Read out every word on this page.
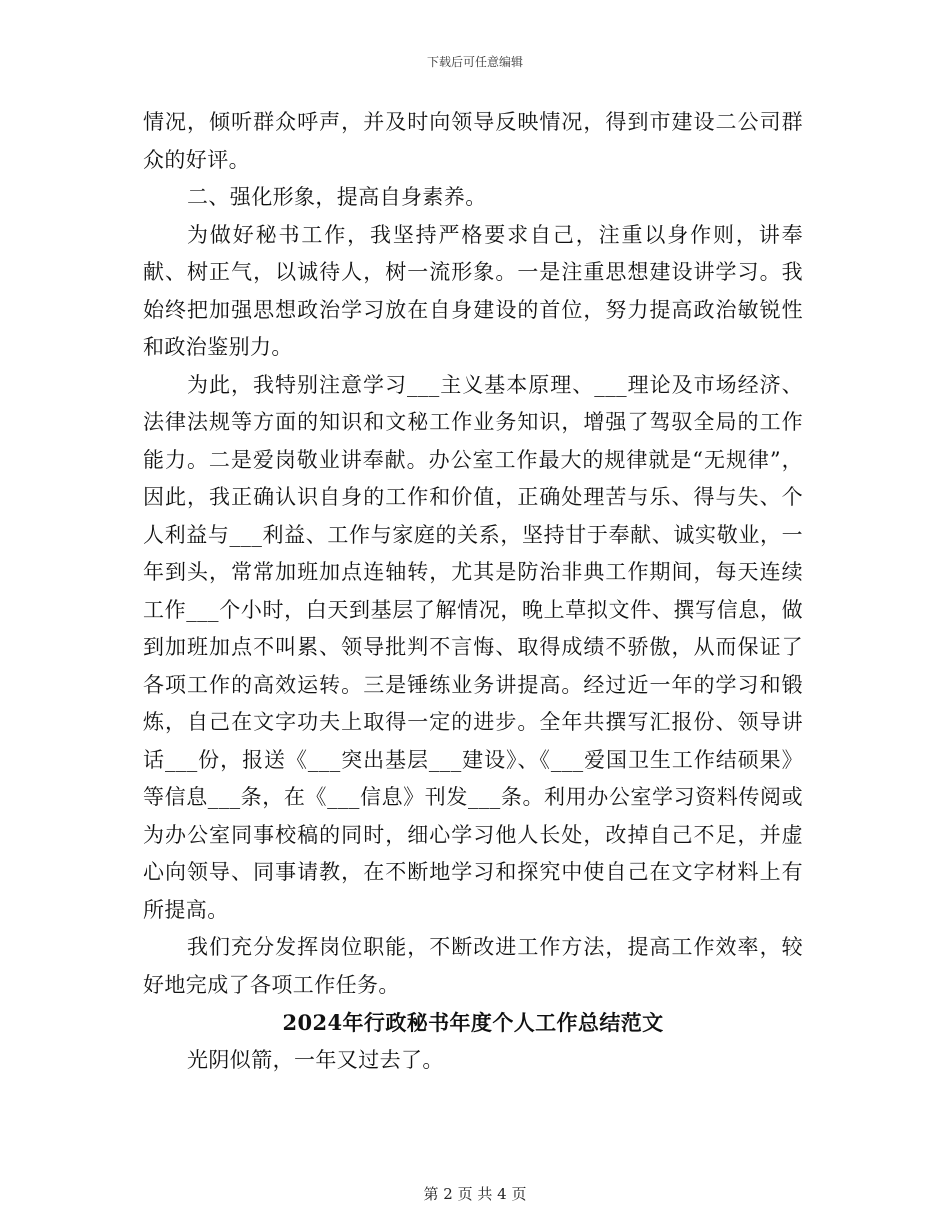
下载后可任意编辑

情况，倾听群众呼声，并及时向领导反映情况，得到市建设二公司群众的好评。

二、强化形象，提高自身素养。

为做好秘书工作，我坚持严格要求自己，注重以身作则，讲奉献、树正气，以诚待人，树一流形象。一是注重思想建设讲学习。我始终把加强思想政治学习放在自身建设的首位，努力提高政治敏锐性和政治鉴别力。

为此，我特别注意学习___主义基本原理、___理论及市场经济、法律法规等方面的知识和文秘工作业务知识，增强了驾驭全局的工作能力。二是爱岗敬业讲奉献。办公室工作最大的规律就是“无规律”，因此，我正确认识自身的工作和价值，正确处理苦与乐、得与失、个人利益与___利益、工作与家庭的关系，坚持甘于奉献、诚实敬业，一年到头，常常加班加点连轴转，尤其是防治非典工作期间，每天连续工作___个小时，白天到基层了解情况，晚上草拟文件、撰写信息，做到加班加点不叫累、领导批判不言悔、取得成绩不骄傲，从而保证了各项工作的高效运转。三是锤练业务讲提高。经过近一年的学习和锻炼，自己在文字功夫上取得一定的进步。全年共撰写汇报份、领导讲话___份，报送《___突出基层___建设》、《___爱国卫生工作结硕果》等信息___条，在《___信息》刊发___条。利用办公室学习资料传阅或为办公室同事校稿的同时，细心学习他人长处，改掉自己不足，并虚心向领导、同事请教，在不断地学习和探究中使自己在文字材料上有所提高。

我们充分发挥岗位职能，不断改进工作方法，提高工作效率，较好地完成了各项工作任务。

2024年行政秘书年度个人工作总结范文

光阴似箭，一年又过去了。

第 2 页 共 4 页
